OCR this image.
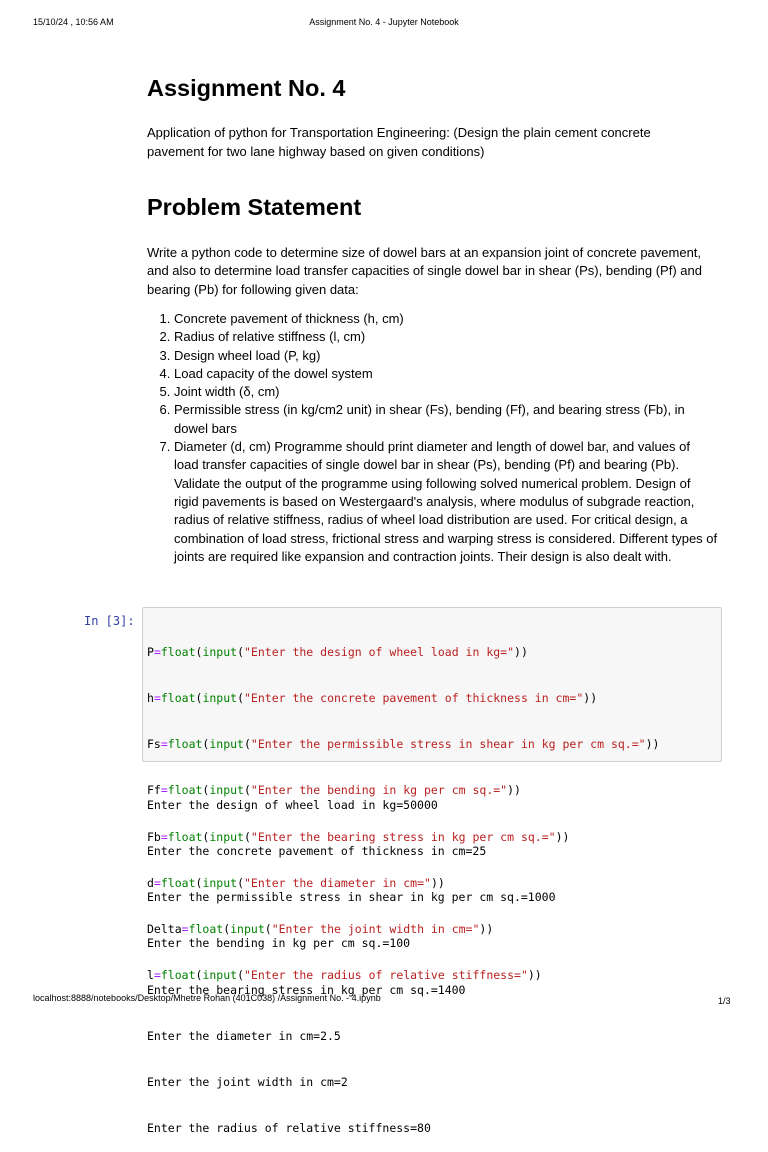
15/10/24 , 10:56 AM	Assignment No. 4 - Jupyter Notebook
Assignment No. 4

Application of python for Transportation Engineering: (Design the plain cement concrete pavement for two lane highway based on given conditions)

Problem Statement

Write a python code to determine size of dowel bars at an expansion joint of concrete pavement, and also to determine load transfer capacities of single dowel bar in shear (Ps), bending (Pf) and bearing (Pb) for following given data:

1. Concrete pavement of thickness (h, cm)
2. Radius of relative stiffness (l, cm)
3. Design wheel load (P, kg)
4. Load capacity of the dowel system
5. Joint width (δ, cm)
6. Permissible stress (in kg/cm2 unit) in shear (Fs), bending (Ff), and bearing stress (Fb), in dowel bars
7. Diameter (d, cm) Programme should print diameter and length of dowel bar, and values of load transfer capacities of single dowel bar in shear (Ps), bending (Pf) and bearing (Pb). Validate the output of the programme using following solved numerical problem. Design of rigid pavements is based on Westergaard's analysis, where modulus of subgrade reaction, radius of relative stiffness, radius of wheel load distribution are used. For critical design, a combination of load stress, frictional stress and warping stress is considered. Different types of joints are required like expansion and contraction joints. Their design is also dealt with.
In [3]:

P=float(input("Enter the design of wheel load in kg="))

h=float(input("Enter the concrete pavement of thickness in cm="))

Fs=float(input("Enter the permissible stress in shear in kg per cm sq.="))

Ff=float(input("Enter the bending in kg per cm sq.="))

Fb=float(input("Enter the bearing stress in kg per cm sq.="))

d=float(input("Enter the diameter in cm="))

Delta=float(input("Enter the joint width in cm="))

l=float(input("Enter the radius of relative stiffness="))

Enter the design of wheel load in kg=50000

Enter the concrete pavement of thickness in cm=25

Enter the permissible stress in shear in kg per cm sq.=1000

Enter the bending in kg per cm sq.=100

Enter the bearing stress in kg per cm sq.=1400

Enter the diameter in cm=2.5

Enter the joint width in cm=2

Enter the radius of relative stiffness=80

localhost:8888/notebooks/Desktop/Mhetre Rohan (401C038) /Assignment No. - 4.ipynb	1/3
